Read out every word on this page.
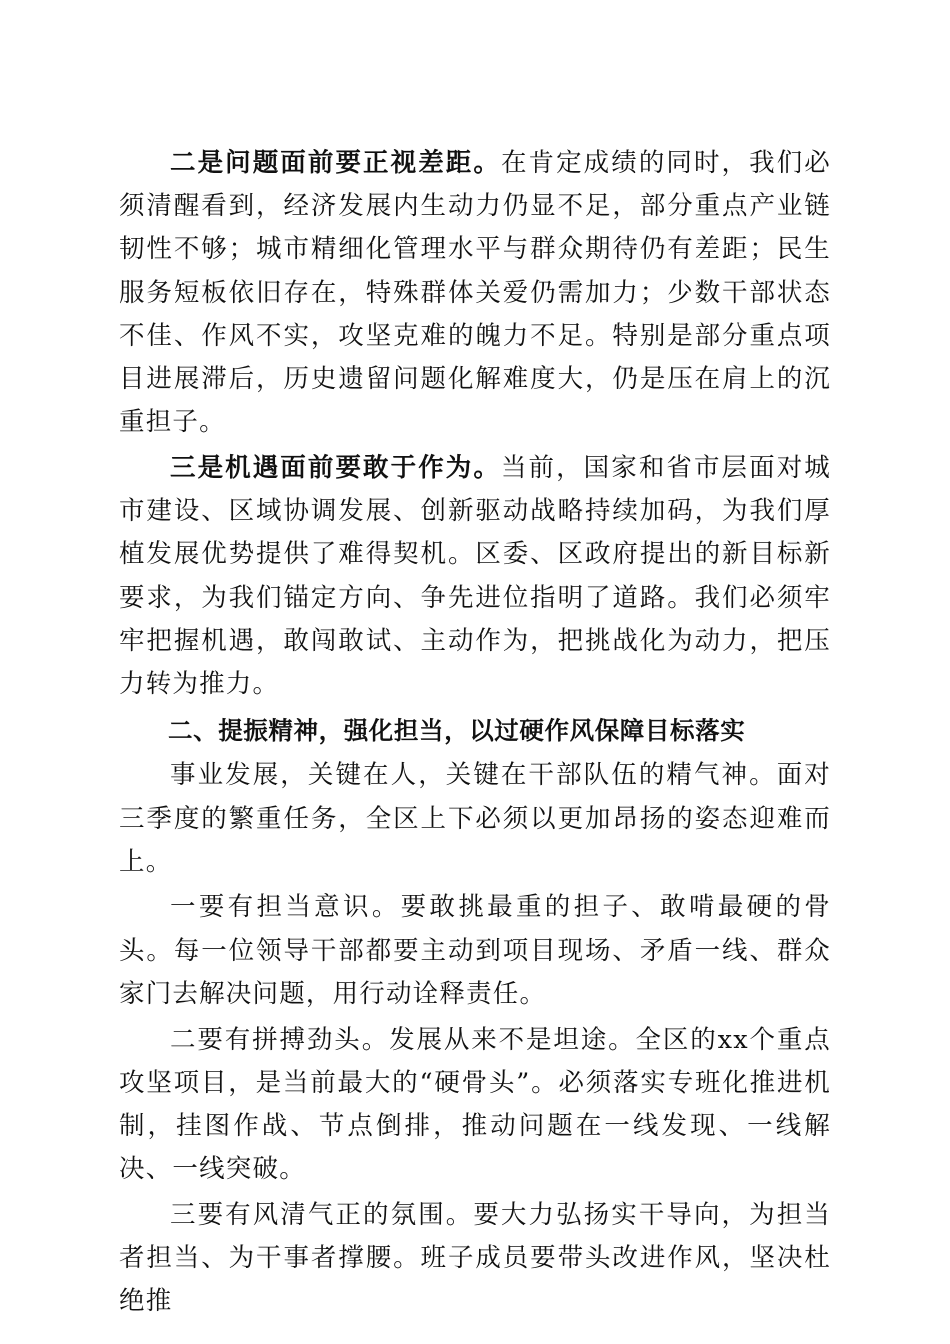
二是问题面前要正视差距。在肯定成绩的同时，我们必须清醒看到，经济发展内生动力仍显不足，部分重点产业链韧性不够；城市精细化管理水平与群众期待仍有差距；民生服务短板依旧存在，特殊群体关爱仍需加力；少数干部状态不佳、作风不实，攻坚克难的魄力不足。特别是部分重点项目进展滞后，历史遗留问题化解难度大，仍是压在肩上的沉重担子。

三是机遇面前要敢于作为。当前，国家和省市层面对城市建设、区域协调发展、创新驱动战略持续加码，为我们厚植发展优势提供了难得契机。区委、区政府提出的新目标新要求，为我们锚定方向、争先进位指明了道路。我们必须牢牢把握机遇，敢闯敢试、主动作为，把挑战化为动力，把压力转为推力。

二、提振精神，强化担当，以过硬作风保障目标落实

事业发展，关键在人，关键在干部队伍的精气神。面对三季度的繁重任务，全区上下必须以更加昂扬的姿态迎难而上。

一要有担当意识。要敢挑最重的担子、敢啃最硬的骨头。每一位领导干部都要主动到项目现场、矛盾一线、群众家门去解决问题，用行动诠释责任。

二要有拼搏劲头。发展从来不是坦途。全区的xx个重点攻坚项目，是当前最大的“硬骨头”。必须落实专班化推进机制，挂图作战、节点倒排，推动问题在一线发现、一线解决、一线突破。

三要有风清气正的氛围。要大力弘扬实干导向，为担当者担当、为干事者撑腰。班子成员要带头改进作风，坚决杜绝推
